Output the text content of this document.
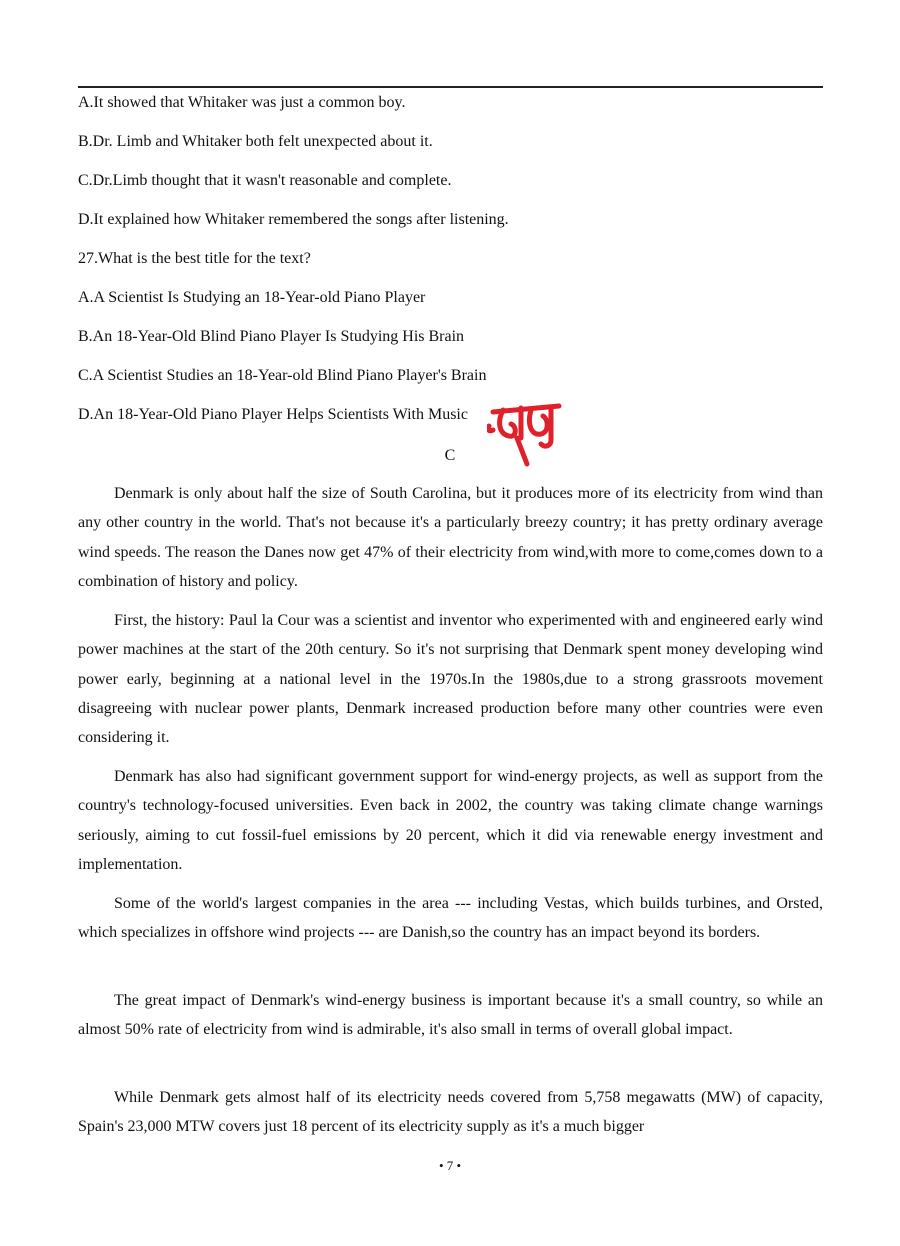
A.It showed that Whitaker was just a common boy.
B.Dr. Limb and Whitaker both felt unexpected about it.
C.Dr.Limb thought that it wasn't reasonable and complete.
D.It explained how Whitaker remembered the songs after listening.
27.What is the best title for the text?
A.A Scientist Is Studying an 18-Year-old Piano Player
B.An 18-Year-Old Blind Piano Player Is Studying His Brain
C.A Scientist Studies an 18-Year-old Blind Piano Player's Brain
D.An 18-Year-Old Piano Player Helps Scientists With Music
C
Denmark is only about half the size of South Carolina, but it produces more of its electricity from wind than any other country in the world. That's not because it's a particularly breezy country; it has pretty ordinary average wind speeds. The reason the Danes now get 47% of their electricity from wind,with more to come,comes down to a combination of history and policy.
First, the history: Paul la Cour was a scientist and inventor who experimented with and engineered early wind power machines at the start of the 20th century. So it's not surprising that Denmark spent money developing wind power early, beginning at a national level in the 1970s.In the 1980s,due to a strong grassroots movement disagreeing with nuclear power plants, Denmark increased production before many other countries were even considering it.
Denmark has also had significant government support for wind-energy projects, as well as support from the country's technology-focused universities. Even back in 2002, the country was taking climate change warnings seriously, aiming to cut fossil-fuel emissions by 20 percent, which it did via renewable energy investment and implementation.
Some of the world's largest companies in the area --- including Vestas, which builds turbines, and Orsted, which specializes in offshore wind projects --- are Danish,so the country has an impact beyond its borders.
The great impact of Denmark's wind-energy business is important because it's a small country, so while an almost 50% rate of electricity from wind is admirable, it's also small in terms of overall global impact.
While Denmark gets almost half of its electricity needs covered from 5,758 megawatts (MW) of capacity, Spain's 23,000 MTW covers just 18 percent of its electricity supply as it's a much bigger
• 7 •
